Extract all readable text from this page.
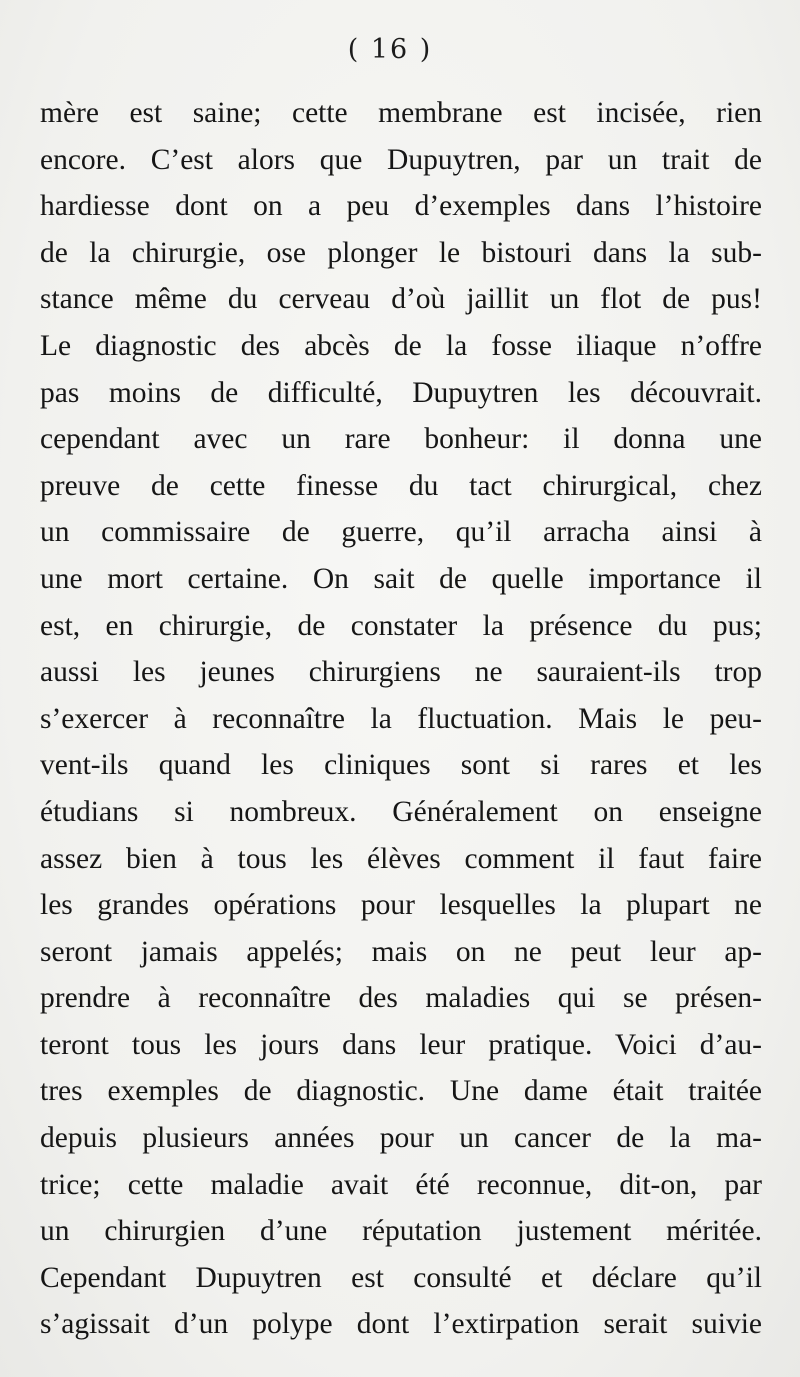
( 16 )
mère est saine; cette membrane est incisée, rien
encore. C’est alors que Dupuytren, par un trait de
hardiesse dont on a peu d’exemples dans l’histoire
de la chirurgie, ose plonger le bistouri dans la sub-
stance même du cerveau d’où jaillit un flot de pus!
Le diagnostic des abcès de la fosse iliaque n’offre
pas moins de difficulté, Dupuytren les découvrait.
cependant avec un rare bonheur: il donna une
preuve de cette finesse du tact chirurgical, chez
un commissaire de guerre, qu’il arracha ainsi à
une mort certaine. On sait de quelle importance il
est, en chirurgie, de constater la présence du pus;
aussi les jeunes chirurgiens ne sauraient-ils trop
s’exercer à reconnaître la fluctuation. Mais le peu-
vent-ils quand les cliniques sont si rares et les
étudians si nombreux. Généralement on enseigne
assez bien à tous les élèves comment il faut faire
les grandes opérations pour lesquelles la plupart ne
seront jamais appelés; mais on ne peut leur ap-
prendre à reconnaître des maladies qui se présen-
teront tous les jours dans leur pratique. Voici d’au-
tres exemples de diagnostic. Une dame était traitée
depuis plusieurs années pour un cancer de la ma-
trice; cette maladie avait été reconnue, dit-on, par
un chirurgien d’une réputation justement méritée.
Cependant Dupuytren est consulté et déclare qu’il
s’agissait d’un polype dont l’extirpation serait suivie
